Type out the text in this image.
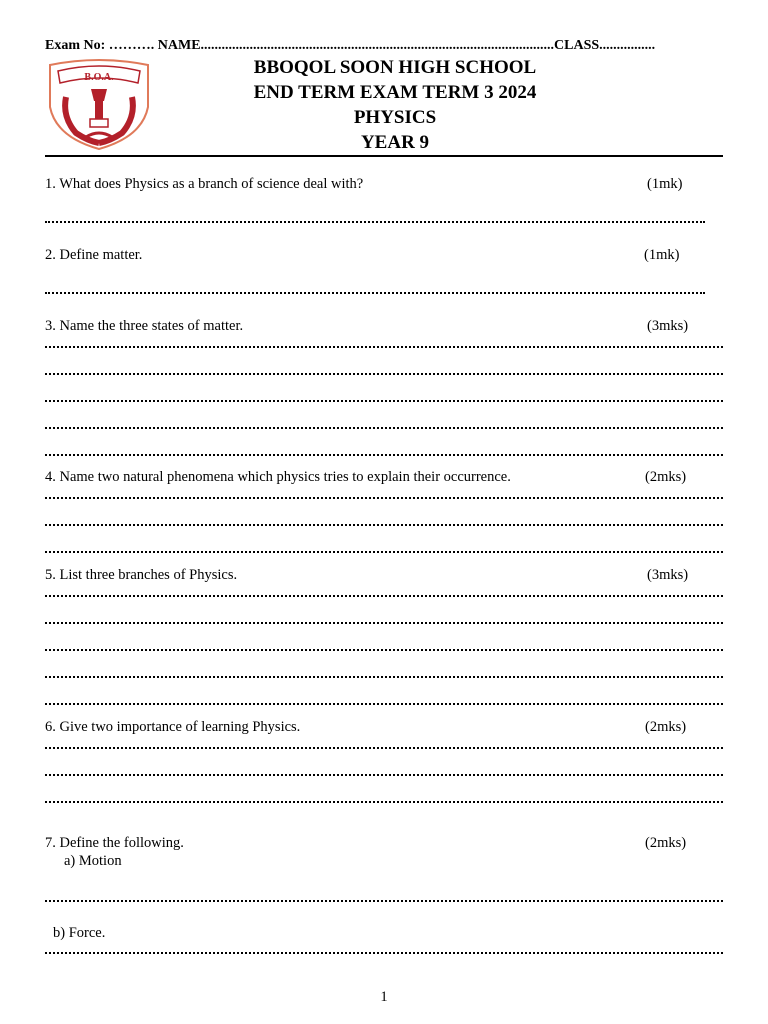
Exam No: ………. NAME.....................................................................................................CLASS................
B.O.A.	BBOQOL SOON HIGH SCHOOL
END TERM EXAM TERM 3 2024
PHYSICS
YEAR 9
1. What does Physics as a branch of science deal with?	(1mk)
2. Define matter.	(1mk)
3. Name the three states of matter.	(3mks)
4. Name two natural phenomena which physics tries to explain their occurrence.	(2mks)
5. List three branches of Physics.	(3mks)
6. Give two importance of learning Physics.	(2mks)
7. Define the following.	(2mks)
a) Motion
b) Force.
1
